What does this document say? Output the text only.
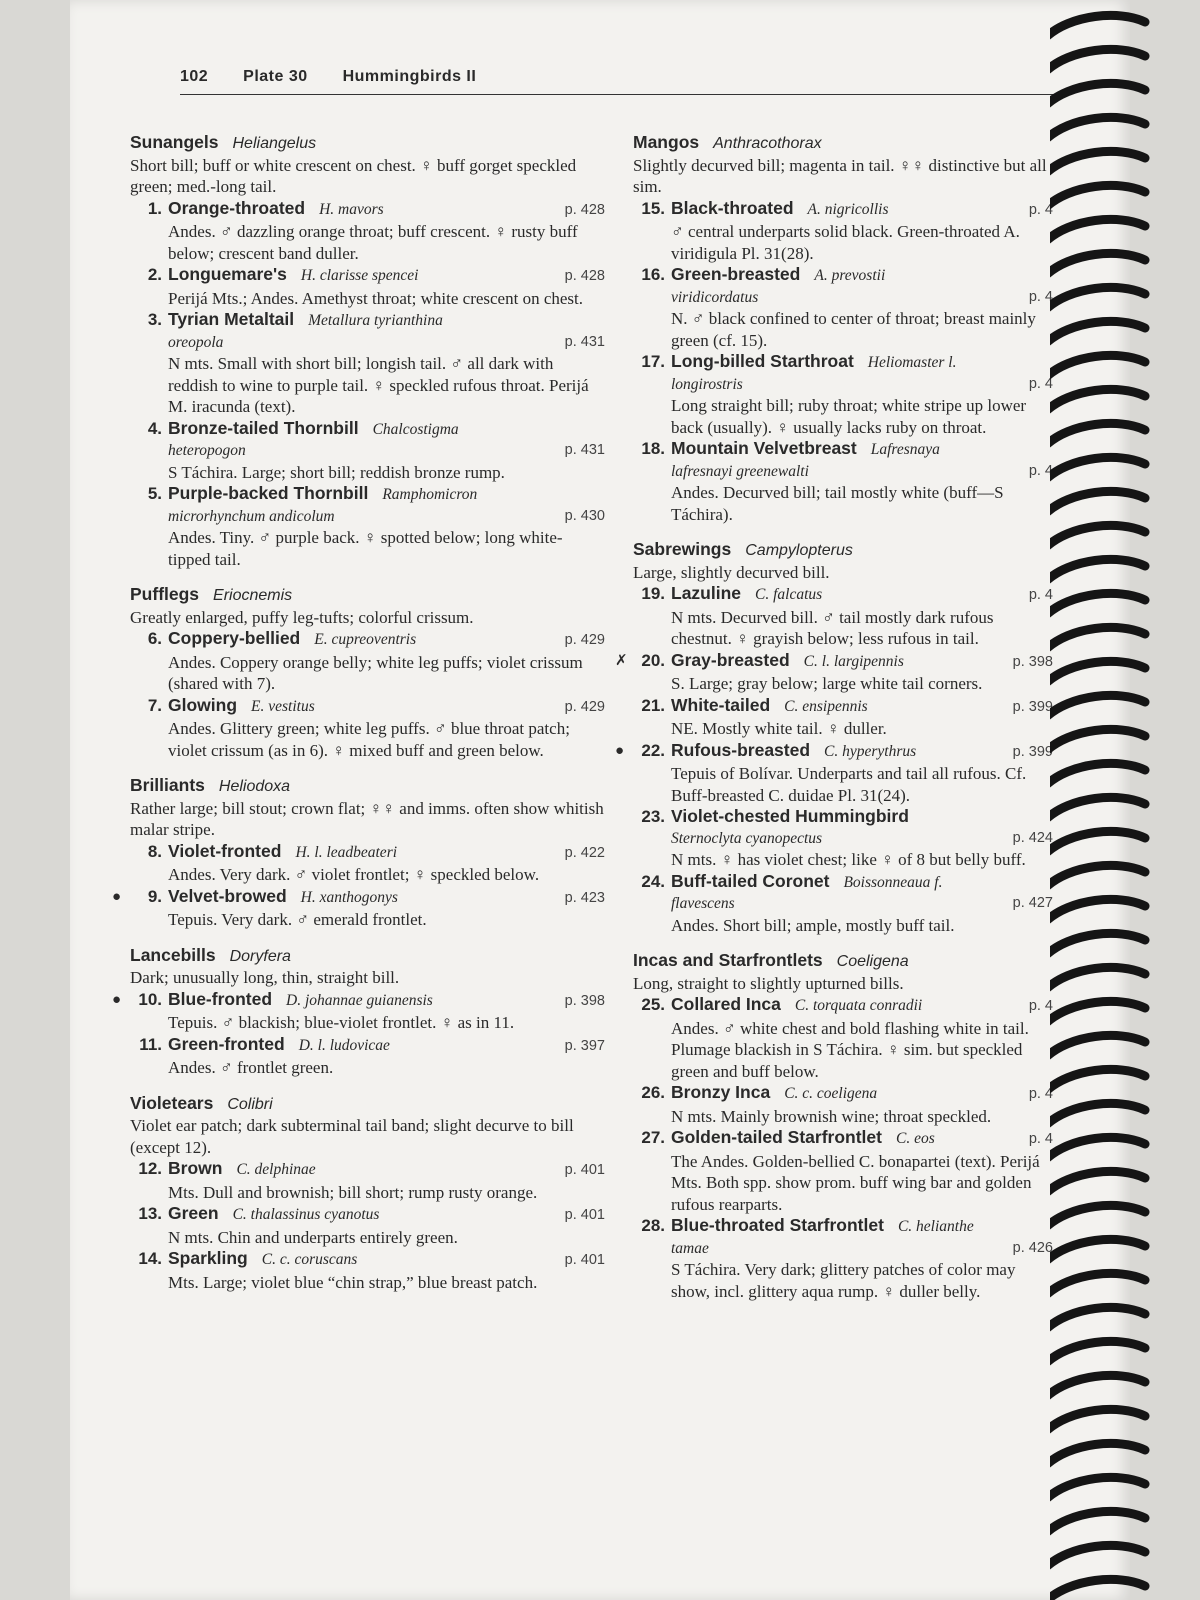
102 Plate 30 Hummingbirds II
Sunangels Heliangelus
Short bill; buff or white crescent on chest. ♀ buff gorget speckled green; med.-long tail.
1. Orange-throated H. mavors	p. 428
Andes. ♂ dazzling orange throat; buff crescent. ♀ rusty buff below; crescent band duller.
2. Longuemare's H. clarisse spencei	p. 428
Perijá Mts.; Andes. Amethyst throat; white crescent on chest.
3. Tyrian Metaltail Metallura tyrianthina
oreopola	p. 431
N mts. Small with short bill; longish tail. ♂ all dark with reddish to wine to purple tail. ♀ speckled rufous throat. Perijá M. iracunda (text).
4. Bronze-tailed Thornbill Chalcostigma
heteropogon	p. 431
S Táchira. Large; short bill; reddish bronze rump.
5. Purple-backed Thornbill Ramphomicron
microrhynchum andicolum	p. 430
Andes. Tiny. ♂ purple back. ♀ spotted below; long white-tipped tail.
Pufflegs Eriocnemis
Greatly enlarged, puffy leg-tufts; colorful crissum.
6. Coppery-bellied E. cupreoventris	p. 429
Andes. Coppery orange belly; white leg puffs; violet crissum (shared with 7).
7. Glowing E. vestitus	p. 429
Andes. Glittery green; white leg puffs. ♂ blue throat patch; violet crissum (as in 6). ♀ mixed buff and green below.
Brilliants Heliodoxa
Rather large; bill stout; crown flat; ♀♀ and imms. often show whitish malar stripe.
8. Violet-fronted H. l. leadbeateri	p. 422
Andes. Very dark. ♂ violet frontlet; ♀ speckled below.
●	9. Velvet-browed H. xanthogonys	p. 423
Tepuis. Very dark. ♂ emerald frontlet.
Lancebills Doryfera
Dark; unusually long, thin, straight bill.
●	10. Blue-fronted D. johannae guianensis	p. 398
Tepuis. ♂ blackish; blue-violet frontlet. ♀ as in 11.
11. Green-fronted D. l. ludovicae	p. 397
Andes. ♂ frontlet green.
Violetears Colibri
Violet ear patch; dark subterminal tail band; slight decurve to bill (except 12).
12. Brown C. delphinae	p. 401
Mts. Dull and brownish; bill short; rump rusty orange.
13. Green C. thalassinus cyanotus	p. 401
N mts. Chin and underparts entirely green.
14. Sparkling C. c. coruscans	p. 401
Mts. Large; violet blue “chin strap,” blue breast patch.
Mangos Anthracothorax
Slightly decurved bill; magenta in tail. ♀♀ distinctive but all sim.
15. Black-throated A. nigricollis	p. 4
♂ central underparts solid black. Green-throated A. viridigula Pl. 31(28).
16. Green-breasted A. prevostii
viridicordatus	p. 4
N. ♂ black confined to center of throat; breast mainly green (cf. 15).
17. Long-billed Starthroat Heliomaster l.
longirostris	p. 4
Long straight bill; ruby throat; white stripe up lower back (usually). ♀ usually lacks ruby on throat.
18. Mountain Velvetbreast Lafresnaya
lafresnayi greenewalti	p. 4
Andes. Decurved bill; tail mostly white (buff—S Táchira).
Sabrewings Campylopterus
Large, slightly decurved bill.
19. Lazuline C. falcatus	p. 4
N mts. Decurved bill. ♂ tail mostly dark rufous chestnut. ♀ grayish below; less rufous in tail.
✗ 20. Gray-breasted C. l. largipennis	p. 398
S. Large; gray below; large white tail corners.
21. White-tailed C. ensipennis	p. 399
NE. Mostly white tail. ♀ duller.
●	22. Rufous-breasted C. hyperythrus	p. 399
Tepuis of Bolívar. Underparts and tail all rufous. Cf. Buff-breasted C. duidae Pl. 31(24).
23. Violet-chested Hummingbird
Sternoclyta cyanopectus	p. 424
N mts. ♀ has violet chest; like ♀ of 8 but belly buff.
24. Buff-tailed Coronet Boissonneaua f.
flavescens	p. 427
Andes. Short bill; ample, mostly buff tail.
Incas and Starfrontlets Coeligena
Long, straight to slightly upturned bills.
25. Collared Inca C. torquata conradii	p. 4
Andes. ♂ white chest and bold flashing white in tail. Plumage blackish in S Táchira. ♀ sim. but speckled green and buff below.
26. Bronzy Inca C. c. coeligena	p. 4
N mts. Mainly brownish wine; throat speckled.
27. Golden-tailed Starfrontlet C. eos	p. 4
The Andes. Golden-bellied C. bonapartei (text). Perijá Mts. Both spp. show prom. buff wing bar and golden rufous rearparts.
28. Blue-throated Starfrontlet C. helianthe
tamae	p. 426
S Táchira. Very dark; glittery patches of color may show, incl. glittery aqua rump. ♀ duller belly.
